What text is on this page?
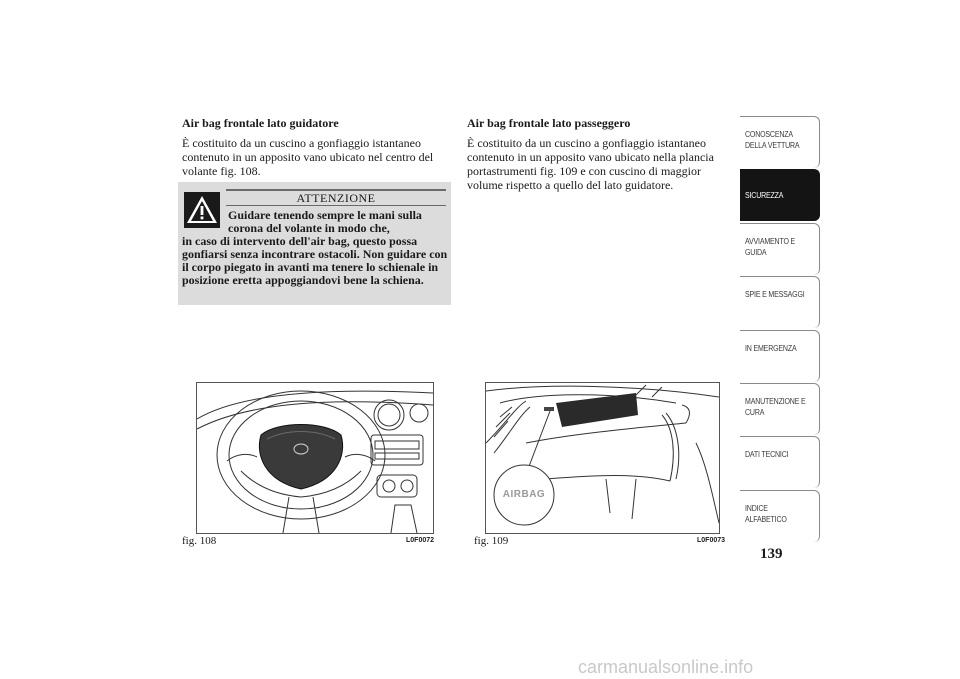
Air bag frontale lato guidatore

È costituito da un cuscino a gonfiaggio istantaneo contenuto in un apposito vano ubicato nel centro del volante fig. 108.

ATTENZIONE
Guidare tenendo sempre le mani sulla corona del volante in modo che,
in caso di intervento dell'air bag, questo possa gonfiarsi senza incontrare ostacoli. Non guidare con il corpo piegato in avanti ma tenere lo schienale in posizione eretta appoggiandovi bene la schiena.
Air bag frontale lato passeggero

È costituito da un cuscino a gonfiaggio istantaneo contenuto in un apposito vano ubicato nella plancia portastrumenti fig. 109 e con cuscino di maggior volume rispetto a quello del lato guidatore.

fig. 108	L0F0072
AIRBAG
fig. 109	L0F0073
CONOSCENZA DELLA VETTURA
SICUREZZA
AVVIAMENTO E GUIDA
SPIE E MESSAGGI
IN EMERGENZA
MANUTENZIONE E CURA
DATI TECNICI
INDICE ALFABETICO
139
carmanualsonline.info
